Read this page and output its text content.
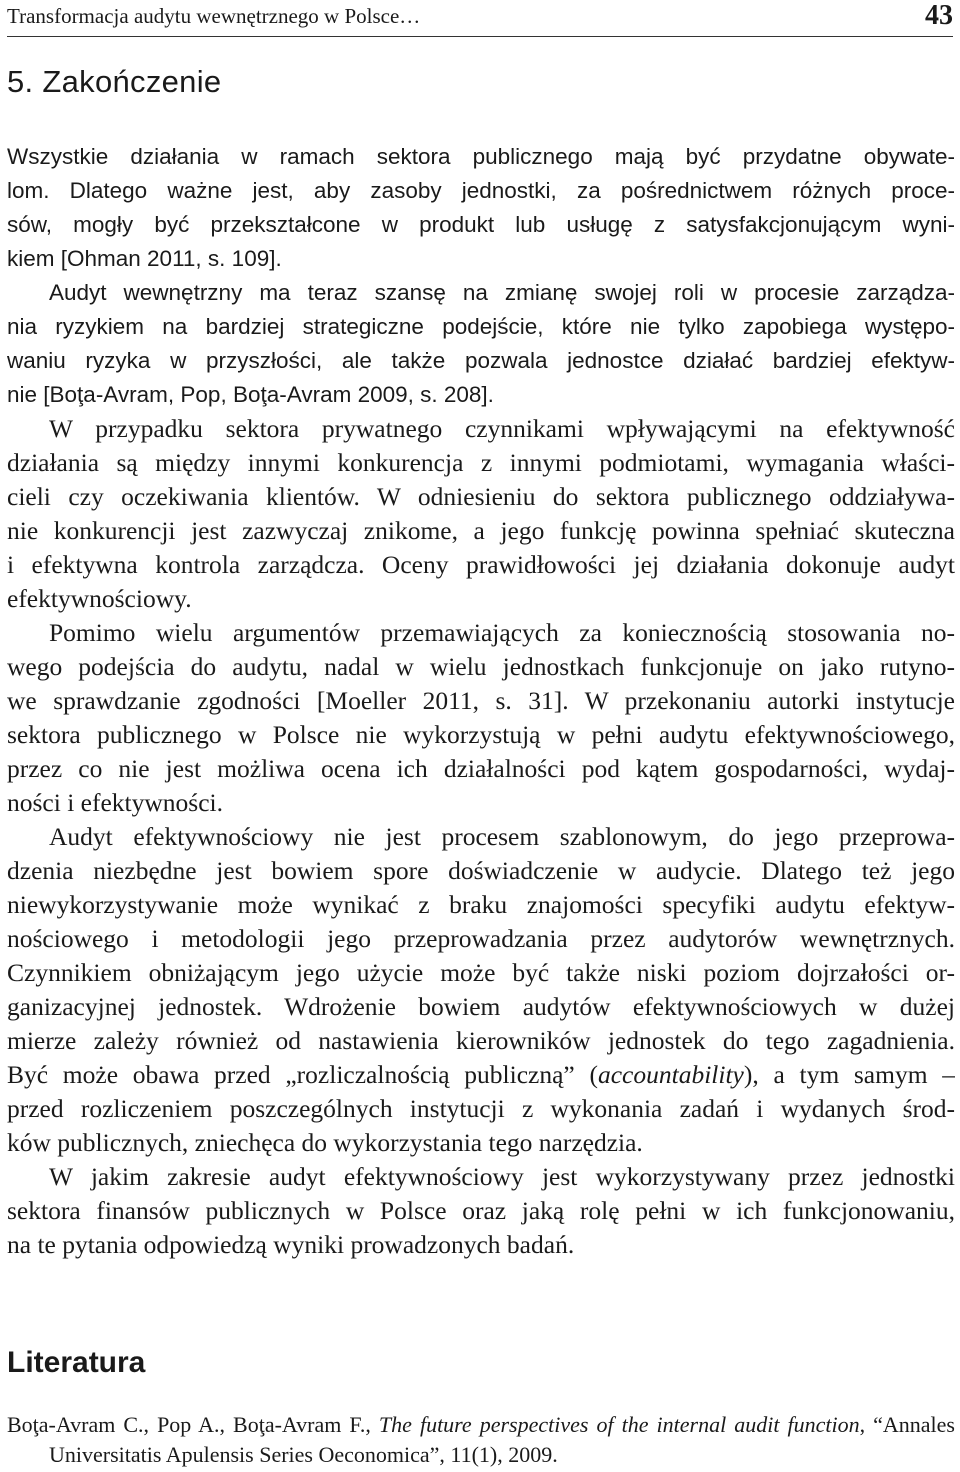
Transformacja audytu wewnętrznego w Polsce…	43
5. Zakończenie
Wszystkie działania w ramach sektora publicznego mają być przydatne obywate-
lom. Dlatego ważne jest, aby zasoby jednostki, za pośrednictwem różnych proce-
sów, mogły być przekształcone w produkt lub usługę z satysfakcjonującym wyni-
kiem [Ohman 2011, s. 109].
Audyt wewnętrzny ma teraz szansę na zmianę swojej roli w procesie zarządza-
nia ryzykiem na bardziej strategiczne podejście, które nie tylko zapobiega występo-
waniu ryzyka w przyszłości, ale także pozwala jednostce działać bardziej efektyw-
nie [Boţa-Avram, Pop, Boţa-Avram 2009, s. 208].
W przypadku sektora prywatnego czynnikami wpływającymi na efektywność
działania są między innymi konkurencja z innymi podmiotami, wymagania właści-
cieli czy oczekiwania klientów. W odniesieniu do sektora publicznego oddziaływa-
nie konkurencji jest zazwyczaj znikome, a jego funkcję powinna spełniać skuteczna
i efektywna kontrola zarządcza. Oceny prawidłowości jej działania dokonuje audyt
efektywnościowy.
Pomimo wielu argumentów przemawiających za koniecznością stosowania no-
wego podejścia do audytu, nadal w wielu jednostkach funkcjonuje on jako rutyno-
we sprawdzanie zgodności [Moeller 2011, s. 31]. W przekonaniu autorki instytucje
sektora publicznego w Polsce nie wykorzystują w pełni audytu efektywnościowego,
przez co nie jest możliwa ocena ich działalności pod kątem gospodarności, wydaj-
ności i efektywności.
Audyt efektywnościowy nie jest procesem szablonowym, do jego przeprowa-
dzenia niezbędne jest bowiem spore doświadczenie w audycie. Dlatego też jego
niewykorzystywanie może wynikać z braku znajomości specyfiki audytu efektyw-
nościowego i metodologii jego przeprowadzania przez audytorów wewnętrznych.
Czynnikiem obniżającym jego użycie może być także niski poziom dojrzałości or-
ganizacyjnej jednostek. Wdrożenie bowiem audytów efektywnościowych w dużej
mierze zależy również od nastawienia kierowników jednostek do tego zagadnienia.
Być może obawa przed „rozliczalnością publiczną” (accountability), a tym samym –
przed rozliczeniem poszczególnych instytucji z wykonania zadań i wydanych środ-
ków publicznych, zniechęca do wykorzystania tego narzędzia.
W jakim zakresie audyt efektywnościowy jest wykorzystywany przez jednostki
sektora finansów publicznych w Polsce oraz jaką rolę pełni w ich funkcjonowaniu,
na te pytania odpowiedzą wyniki prowadzonych badań.
Literatura
Boţa-Avram C., Pop A., Boţa-Avram F., The future perspectives of the internal audit function, “Annales
Universitatis Apulensis Series Oeconomica”, 11(1), 2009.
